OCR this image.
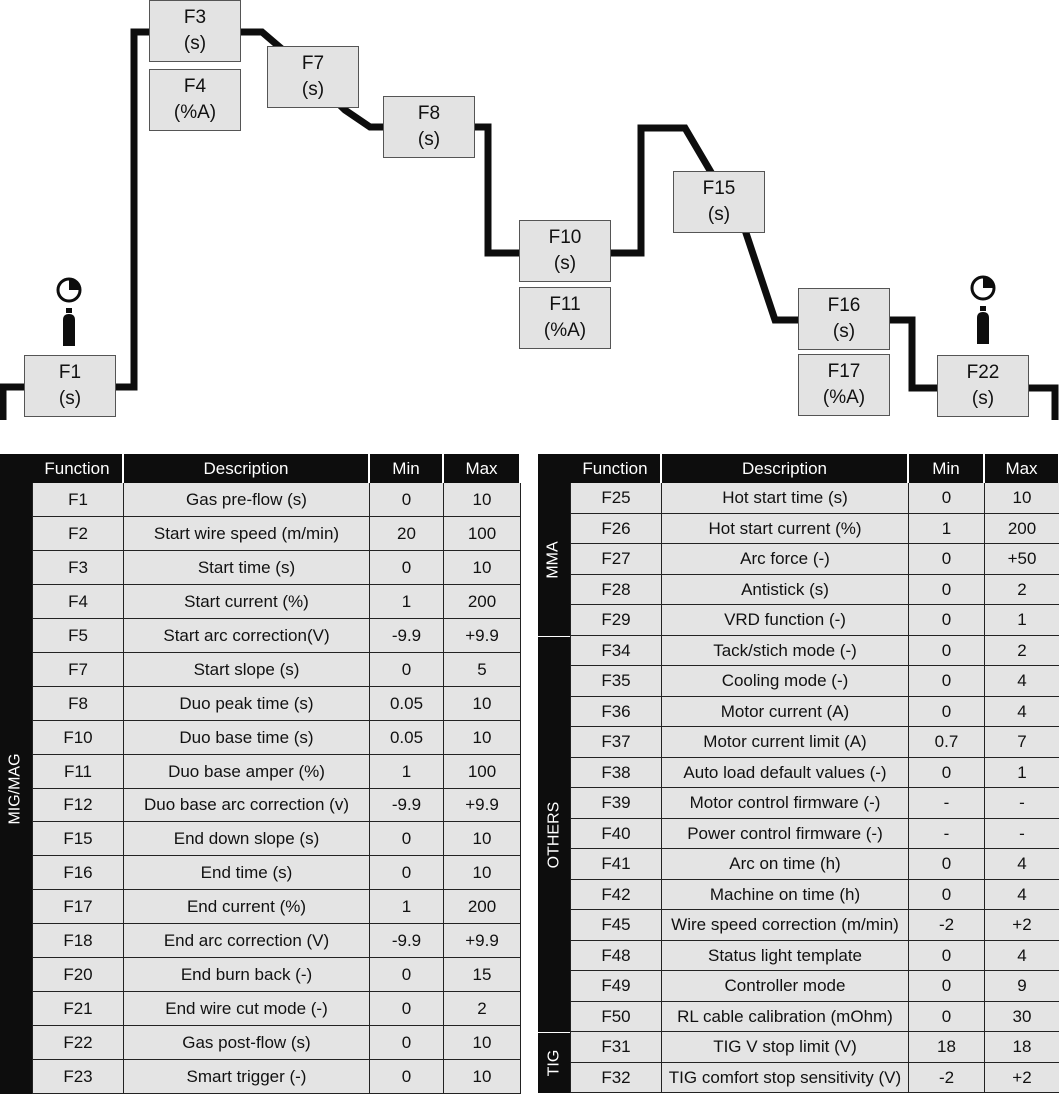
F1
(s)
F3
(s)
F4
(%A)
F7
(s)
F8
(s)
F10
(s)
F11
(%A)
F15
(s)
F16
(s)
F17
(%A)
F22
(s)
Function	Description	Min	Max
F1	Gas pre-flow (s)	0	10
F2	Start wire speed (m/min)	20	100
F3	Start time (s)	0	10
F4	Start current (%)	1	200
F5	Start arc correction(V)	-9.9	+9.9
F7	Start slope (s)	0	5
F8	Duo peak time (s)	0.05	10
F10	Duo base time (s)	0.05	10
F11	Duo base amper (%)	1	100
F12	Duo base arc correction (v)	-9.9	+9.9
F15	End down slope (s)	0	10
F16	End time (s)	0	10
F17	End current (%)	1	200
F18	End arc correction (V)	-9.9	+9.9
F20	End burn back (-)	0	15
F21	End wire cut mode (-)	0	2
F22	Gas post-flow (s)	0	10
F23	Smart trigger (-)	0	10
MIG/MAG
Function	Description	Min	Max
F25	Hot start time (s)	0	10
F26	Hot start current (%)	1	200
F27	Arc force (-)	0	+50
F28	Antistick (s)	0	2
F29	VRD function (-)	0	1
MMA
F34	Tack/stich mode (-)	0	2
F35	Cooling mode (-)	0	4
F36	Motor current (A)	0	4
F37	Motor current limit (A)	0.7	7
F38	Auto load default values (-)	0	1
F39	Motor control firmware (-)	-	-
F40	Power control firmware (-)	-	-
F41	Arc on time (h)	0	4
F42	Machine on time (h)	0	4
F45	Wire speed correction (m/min)	-2	+2
F48	Status light template	0	4
F49	Controller mode	0	9
F50	RL cable calibration (mOhm)	0	30
OTHERS
F31	TIG V stop limit (V)	18	18
F32	TIG comfort stop sensitivity (V)	-2	+2
TIG
